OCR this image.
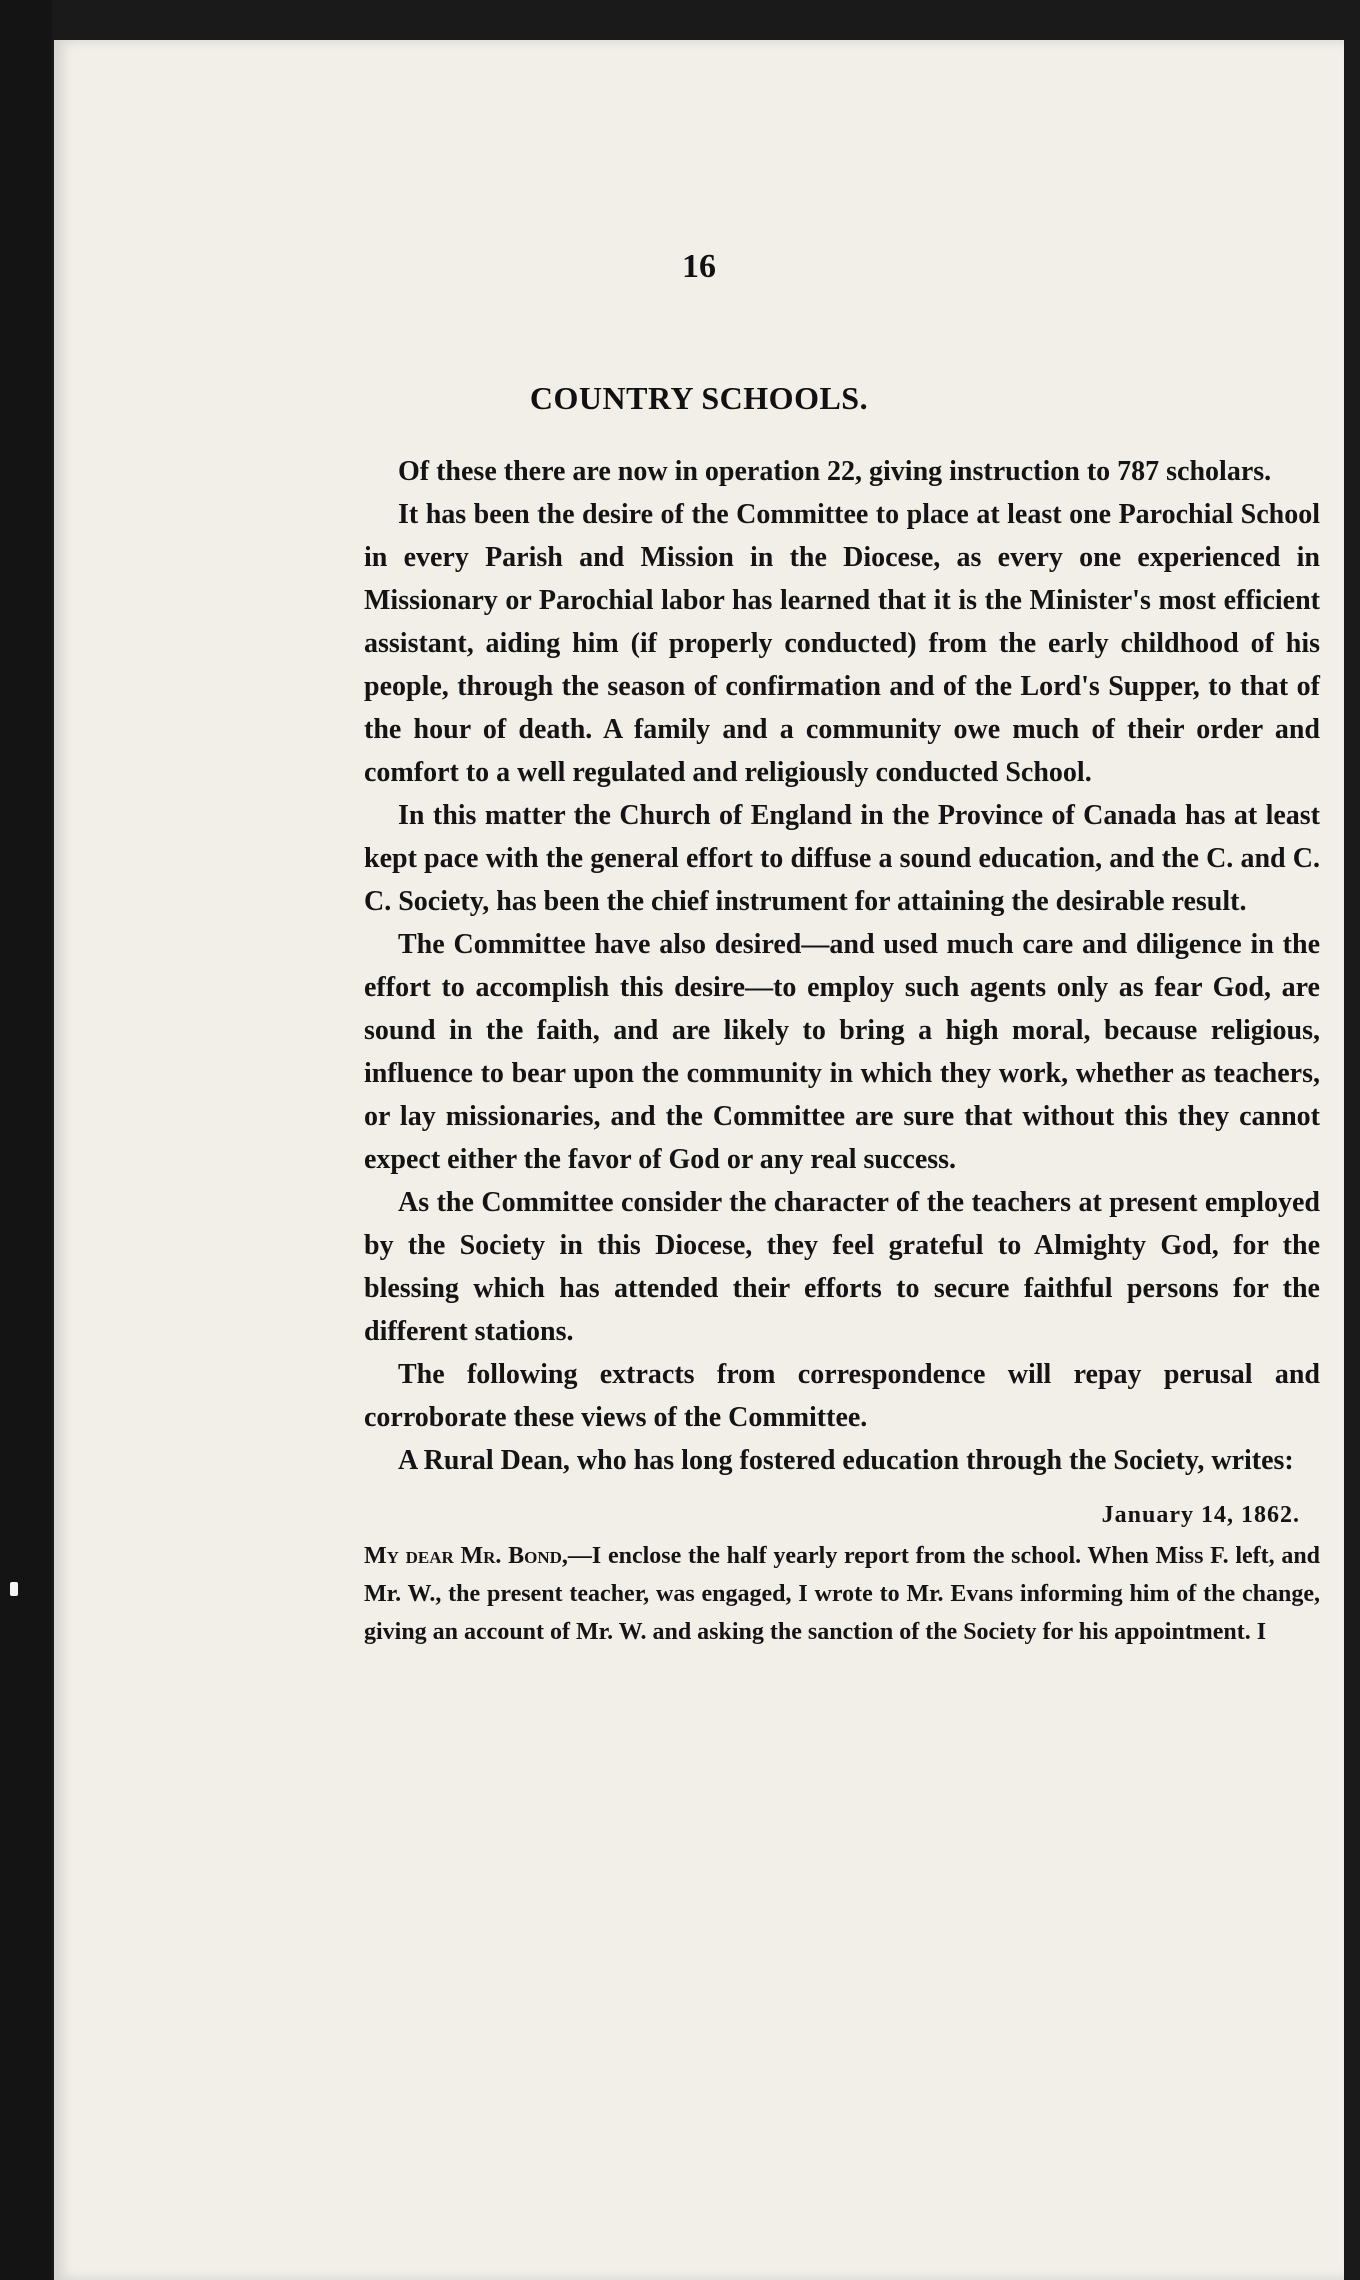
16
COUNTRY SCHOOLS.

Of these there are now in operation 22, giving instruction to 787 scholars.

It has been the desire of the Committee to place at least one Parochial School in every Parish and Mission in the Diocese, as every one experienced in Missionary or Parochial labor has learned that it is the Minister's most efficient assistant, aiding him (if properly conducted) from the early childhood of his people, through the season of confirmation and of the Lord's Supper, to that of the hour of death. A family and a community owe much of their order and comfort to a well regulated and religiously conducted School.

In this matter the Church of England in the Province of Canada has at least kept pace with the general effort to diffuse a sound education, and the C. and C. C. Society, has been the chief instrument for attaining the desirable result.

The Committee have also desired—and used much care and diligence in the effort to accomplish this desire—to employ such agents only as fear God, are sound in the faith, and are likely to bring a high moral, because religious, influence to bear upon the community in which they work, whether as teachers, or lay missionaries, and the Committee are sure that without this they cannot expect either the favor of God or any real success.

As the Committee consider the character of the teachers at present employed by the Society in this Diocese, they feel grateful to Almighty God, for the blessing which has attended their efforts to secure faithful persons for the different stations.

The following extracts from correspondence will repay perusal and corroborate these views of the Committee.

A Rural Dean, who has long fostered education through the Society, writes:

January 14, 1862.

My dear Mr. Bond,—I enclose the half yearly report from the school. When Miss F. left, and Mr. W., the present teacher, was engaged, I wrote to Mr. Evans informing him of the change, giving an account of Mr. W. and asking the sanction of the Society for his appointment. I
